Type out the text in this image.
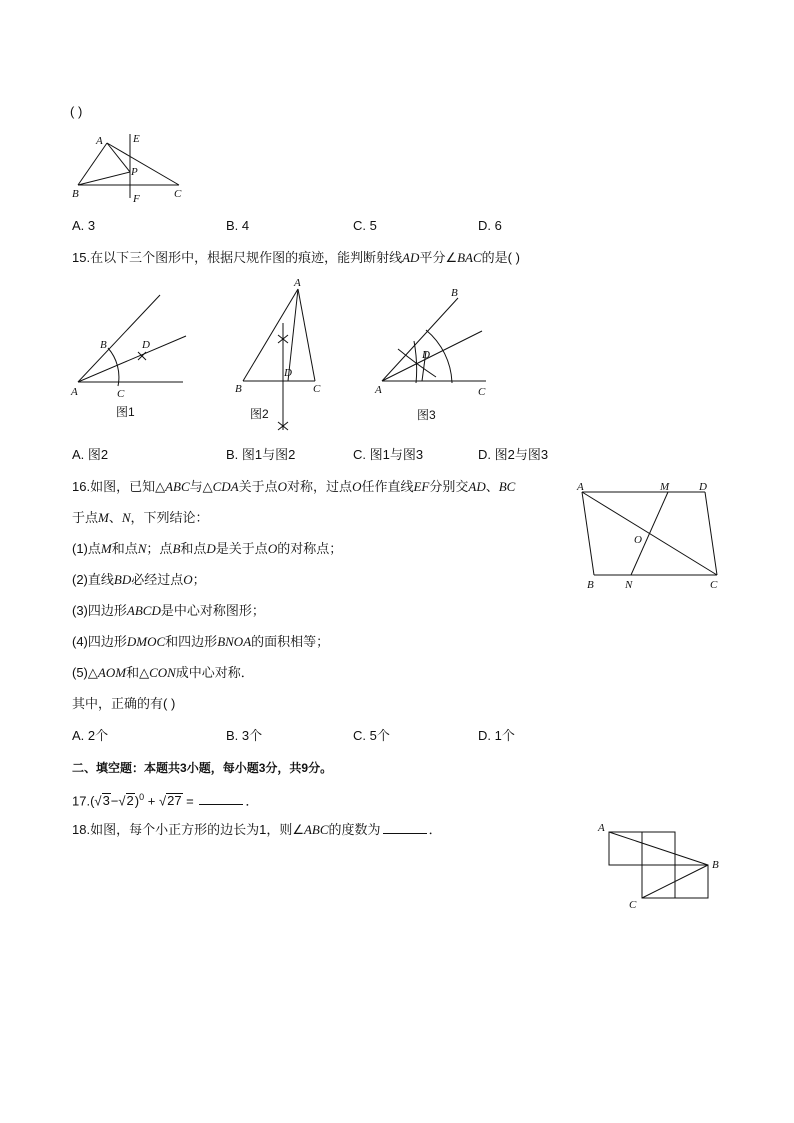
( )
A
B	C
E
F
P
A. 3	B. 4	C. 5	D. 6
15.在以下三个图形中，根据尺规作图的痕迹，能判断射线AD平分∠BAC的是( )
B	D
A	C
图1
A
D
B	C
图2
B
D
A	C
图3
A. 图2	B. 图1与图2	C. 图1与图3	D. 图2与图3
16.如图，已知△ABC与△CDA关于点O对称，过点O任作直线EF分别交AD、BC
于点M、N，下列结论：
(1)点M和点N；点B和点D是关于点O的对称点；
(2)直线BD必经过点O；
(3)四边形ABCD是中心对称图形；
(4)四边形DMOC和四边形BNOA的面积相等；
(5)△AOM和△CON成中心对称．
其中，正确的有( )
A	M	D
O
B	N	C
A. 2个	B. 3个	C. 5个	D. 1个
二、填空题：本题共3小题，每小题3分，共9分。
$17.(√3-√2)^0 + √27$ =	．
18.如图，每个小正方形的边长为1，则∠ABC的度数为	．	A
B
C
